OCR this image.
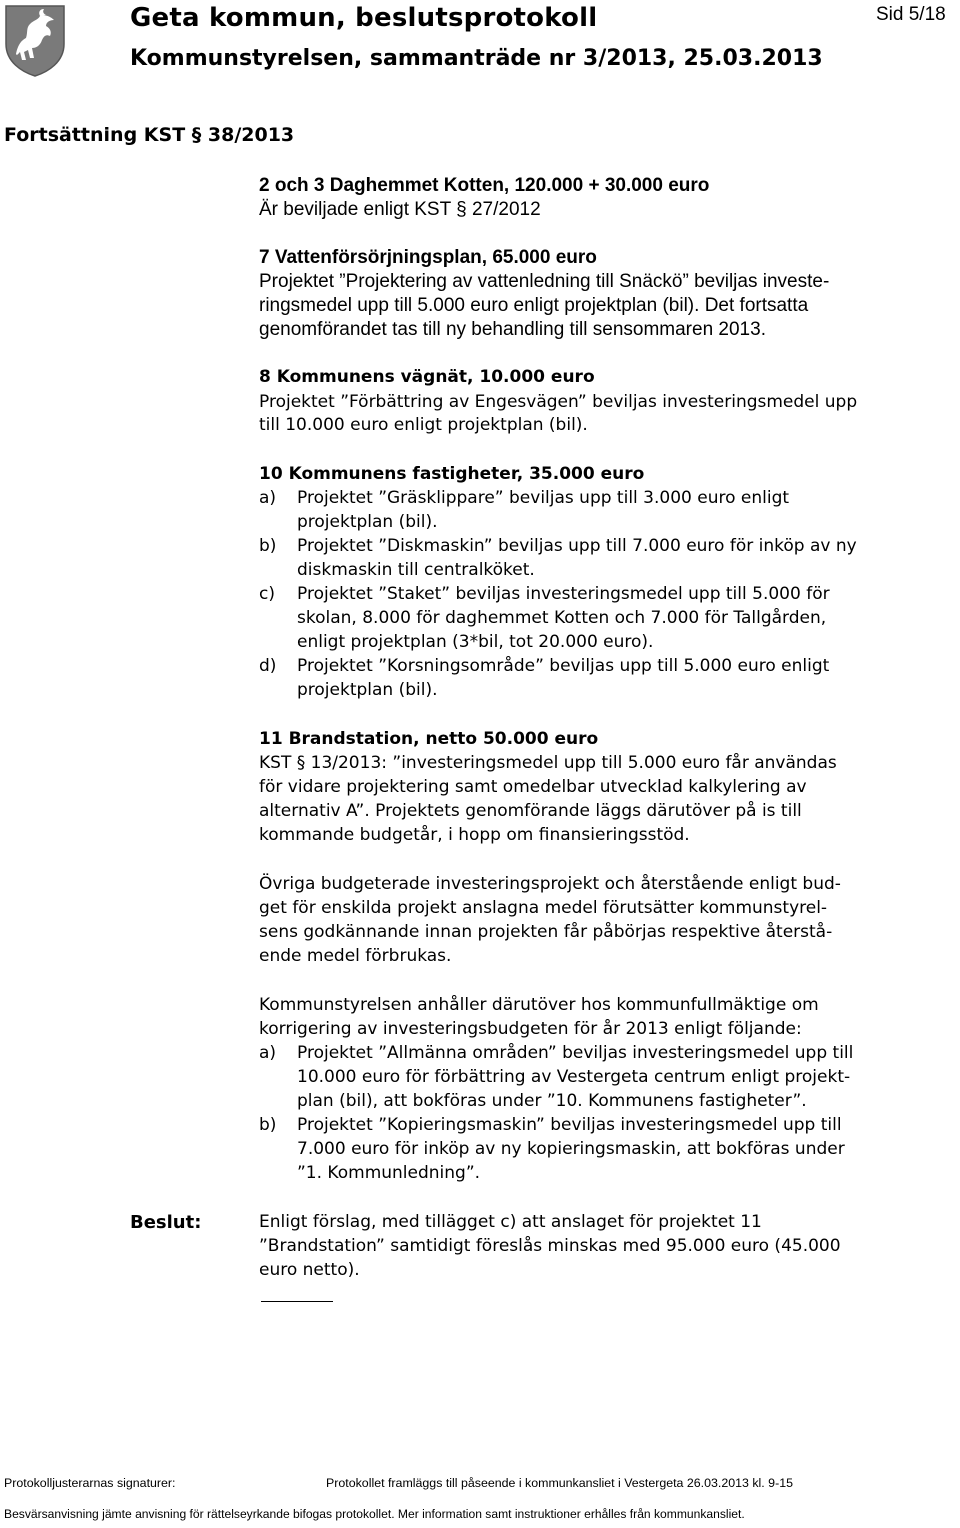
Geta kommun, beslutsprotokoll	Sid 5/18
Kommunstyrelsen, sammanträde nr 3/2013, 25.03.2013
Fortsättning KST § 38/2013
2 och 3 Daghemmet Kotten, 120.000 + 30.000 euro
Är beviljade enligt KST § 27/2012
7 Vattenförsörjningsplan, 65.000 euro
Projektet ”Projektering av vattenledning till Snäckö” beviljas investe-
ringsmedel upp till 5.000 euro enligt projektplan (bil). Det fortsatta
genomförandet tas till ny behandling till sensommaren 2013.
8 Kommunens vägnät, 10.000 euro
Projektet ”Förbättring av Engesvägen” beviljas investeringsmedel upp
till 10.000 euro enligt projektplan (bil).
10 Kommunens fastigheter, 35.000 euro
a) Projektet ”Gräsklippare” beviljas upp till 3.000 euro enligt
projektplan (bil).
b) Projektet ”Diskmaskin” beviljas upp till 7.000 euro för inköp av ny
diskmaskin till centralköket.
c) Projektet ”Staket” beviljas investeringsmedel upp till 5.000 för
skolan, 8.000 för daghemmet Kotten och 7.000 för Tallgården,
enligt projektplan (3*bil, tot 20.000 euro).
d) Projektet ”Korsningsområde” beviljas upp till 5.000 euro enligt
projektplan (bil).
11 Brandstation, netto 50.000 euro
KST § 13/2013: ”investeringsmedel upp till 5.000 euro får användas
för vidare projektering samt omedelbar utvecklad kalkylering av
alternativ A”. Projektets genomförande läggs därutöver på is till
kommande budgetår, i hopp om finansieringsstöd.
Övriga budgeterade investeringsprojekt och återstående enligt bud-
get för enskilda projekt anslagna medel förutsätter kommunstyrel-
sens godkännande innan projekten får påbörjas respektive återstå-
ende medel förbrukas.
Kommunstyrelsen anhåller därutöver hos kommunfullmäktige om
korrigering av investeringsbudgeten för år 2013 enligt följande:
a) Projektet ”Allmänna områden” beviljas investeringsmedel upp till
10.000 euro för förbättring av Vestergeta centrum enligt projekt-
plan (bil), att bokföras under ”10. Kommunens fastigheter”.
b) Projektet ”Kopieringsmaskin” beviljas investeringsmedel upp till
7.000 euro för inköp av ny kopieringsmaskin, att bokföras under
”1. Kommunledning”.
Beslut:	Enligt förslag, med tillägget c) att anslaget för projektet 11
”Brandstation” samtidigt föreslås minskas med 95.000 euro (45.000
euro netto).
Protokolljusterarnas signaturer:	Protokollet framläggs till påseende i kommunkansliet i Vestergeta 26.03.2013 kl. 9-15
Besvärsanvisning jämte anvisning för rättelseyrkande bifogas protokollet. Mer information samt instruktioner erhålles från kommunkansliet.
